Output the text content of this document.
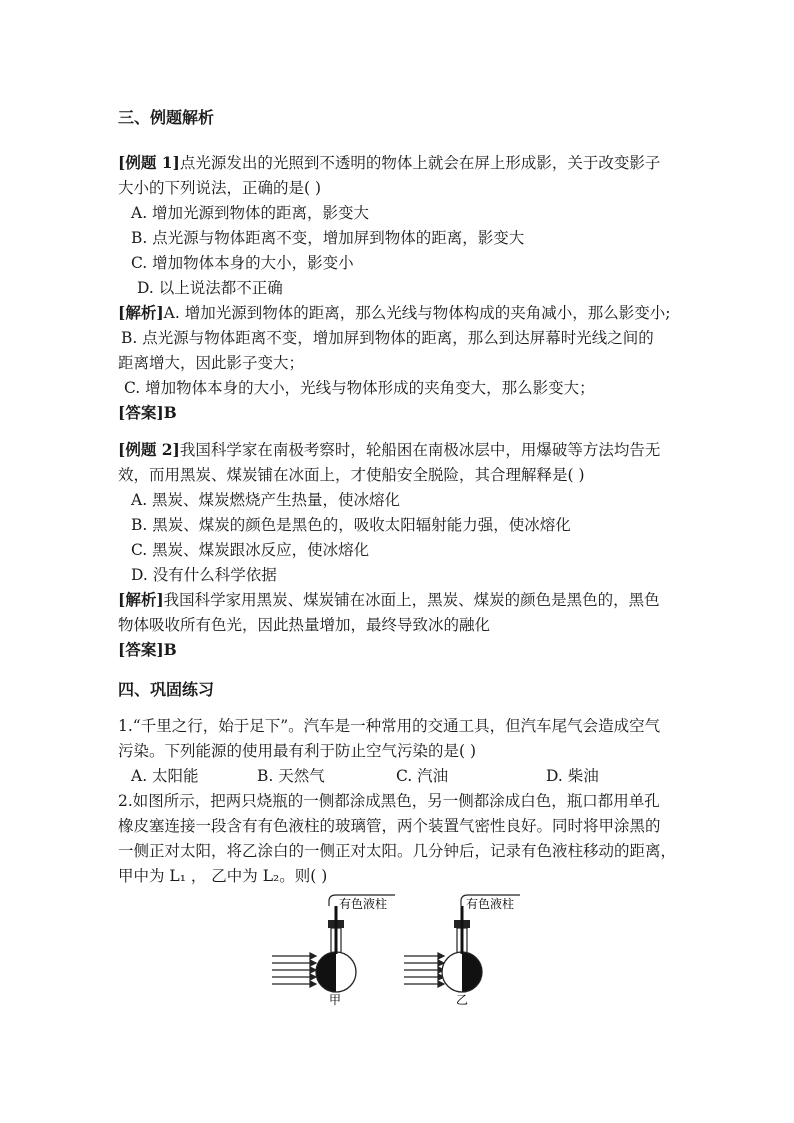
三、例题解析
[例题 1]点光源发出的光照到不透明的物体上就会在屏上形成影，关于改变影子
大小的下列说法，正确的是( )
A. 增加光源到物体的距离，影变大
B. 点光源与物体距离不变，增加屏到物体的距离，影变大
C. 增加物体本身的大小，影变小
D. 以上说法都不正确
[解析]A. 增加光源到物体的距离，那么光线与物体构成的夹角减小，那么影变小;
B. 点光源与物体距离不变，增加屏到物体的距离，那么到达屏幕时光线之间的
距离增大，因此影子变大；
C. 增加物体本身的大小，光线与物体形成的夹角变大，那么影变大；
[答案]B
[例题 2]我国科学家在南极考察时，轮船困在南极冰层中，用爆破等方法均告无
效，而用黑炭、煤炭铺在冰面上，才使船安全脱险，其合理解释是( )
A. 黑炭、煤炭燃烧产生热量，使冰熔化
B. 黑炭、煤炭的颜色是黑色的，吸收太阳辐射能力强，使冰熔化
C. 黑炭、煤炭跟冰反应，使冰熔化
D. 没有什么科学依据
[解析]我国科学家用黑炭、煤炭铺在冰面上，黑炭、煤炭的颜色是黑色的，黑色
物体吸收所有色光，因此热量增加，最终导致冰的融化
[答案]B
四、巩固练习
1.“千里之行，始于足下”。汽车是一种常用的交通工具，但汽车尾气会造成空气
污染。下列能源的使用最有利于防止空气污染的是( )
A. 太阳能	B. 天然气	C. 汽油	D. 柴油
2.如图所示，把两只烧瓶的一侧都涂成黑色，另一侧都涂成白色，瓶口都用单孔
橡皮塞连接一段含有有色液柱的玻璃管，两个装置气密性良好。同时将甲涂黑的
一侧正对太阳，将乙涂白的一侧正对太阳。几分钟后，记录有色液柱移动的距离，
甲中为 L₁ ， 乙中为 L₂。则( )
有色液柱	有色液柱
甲	乙
